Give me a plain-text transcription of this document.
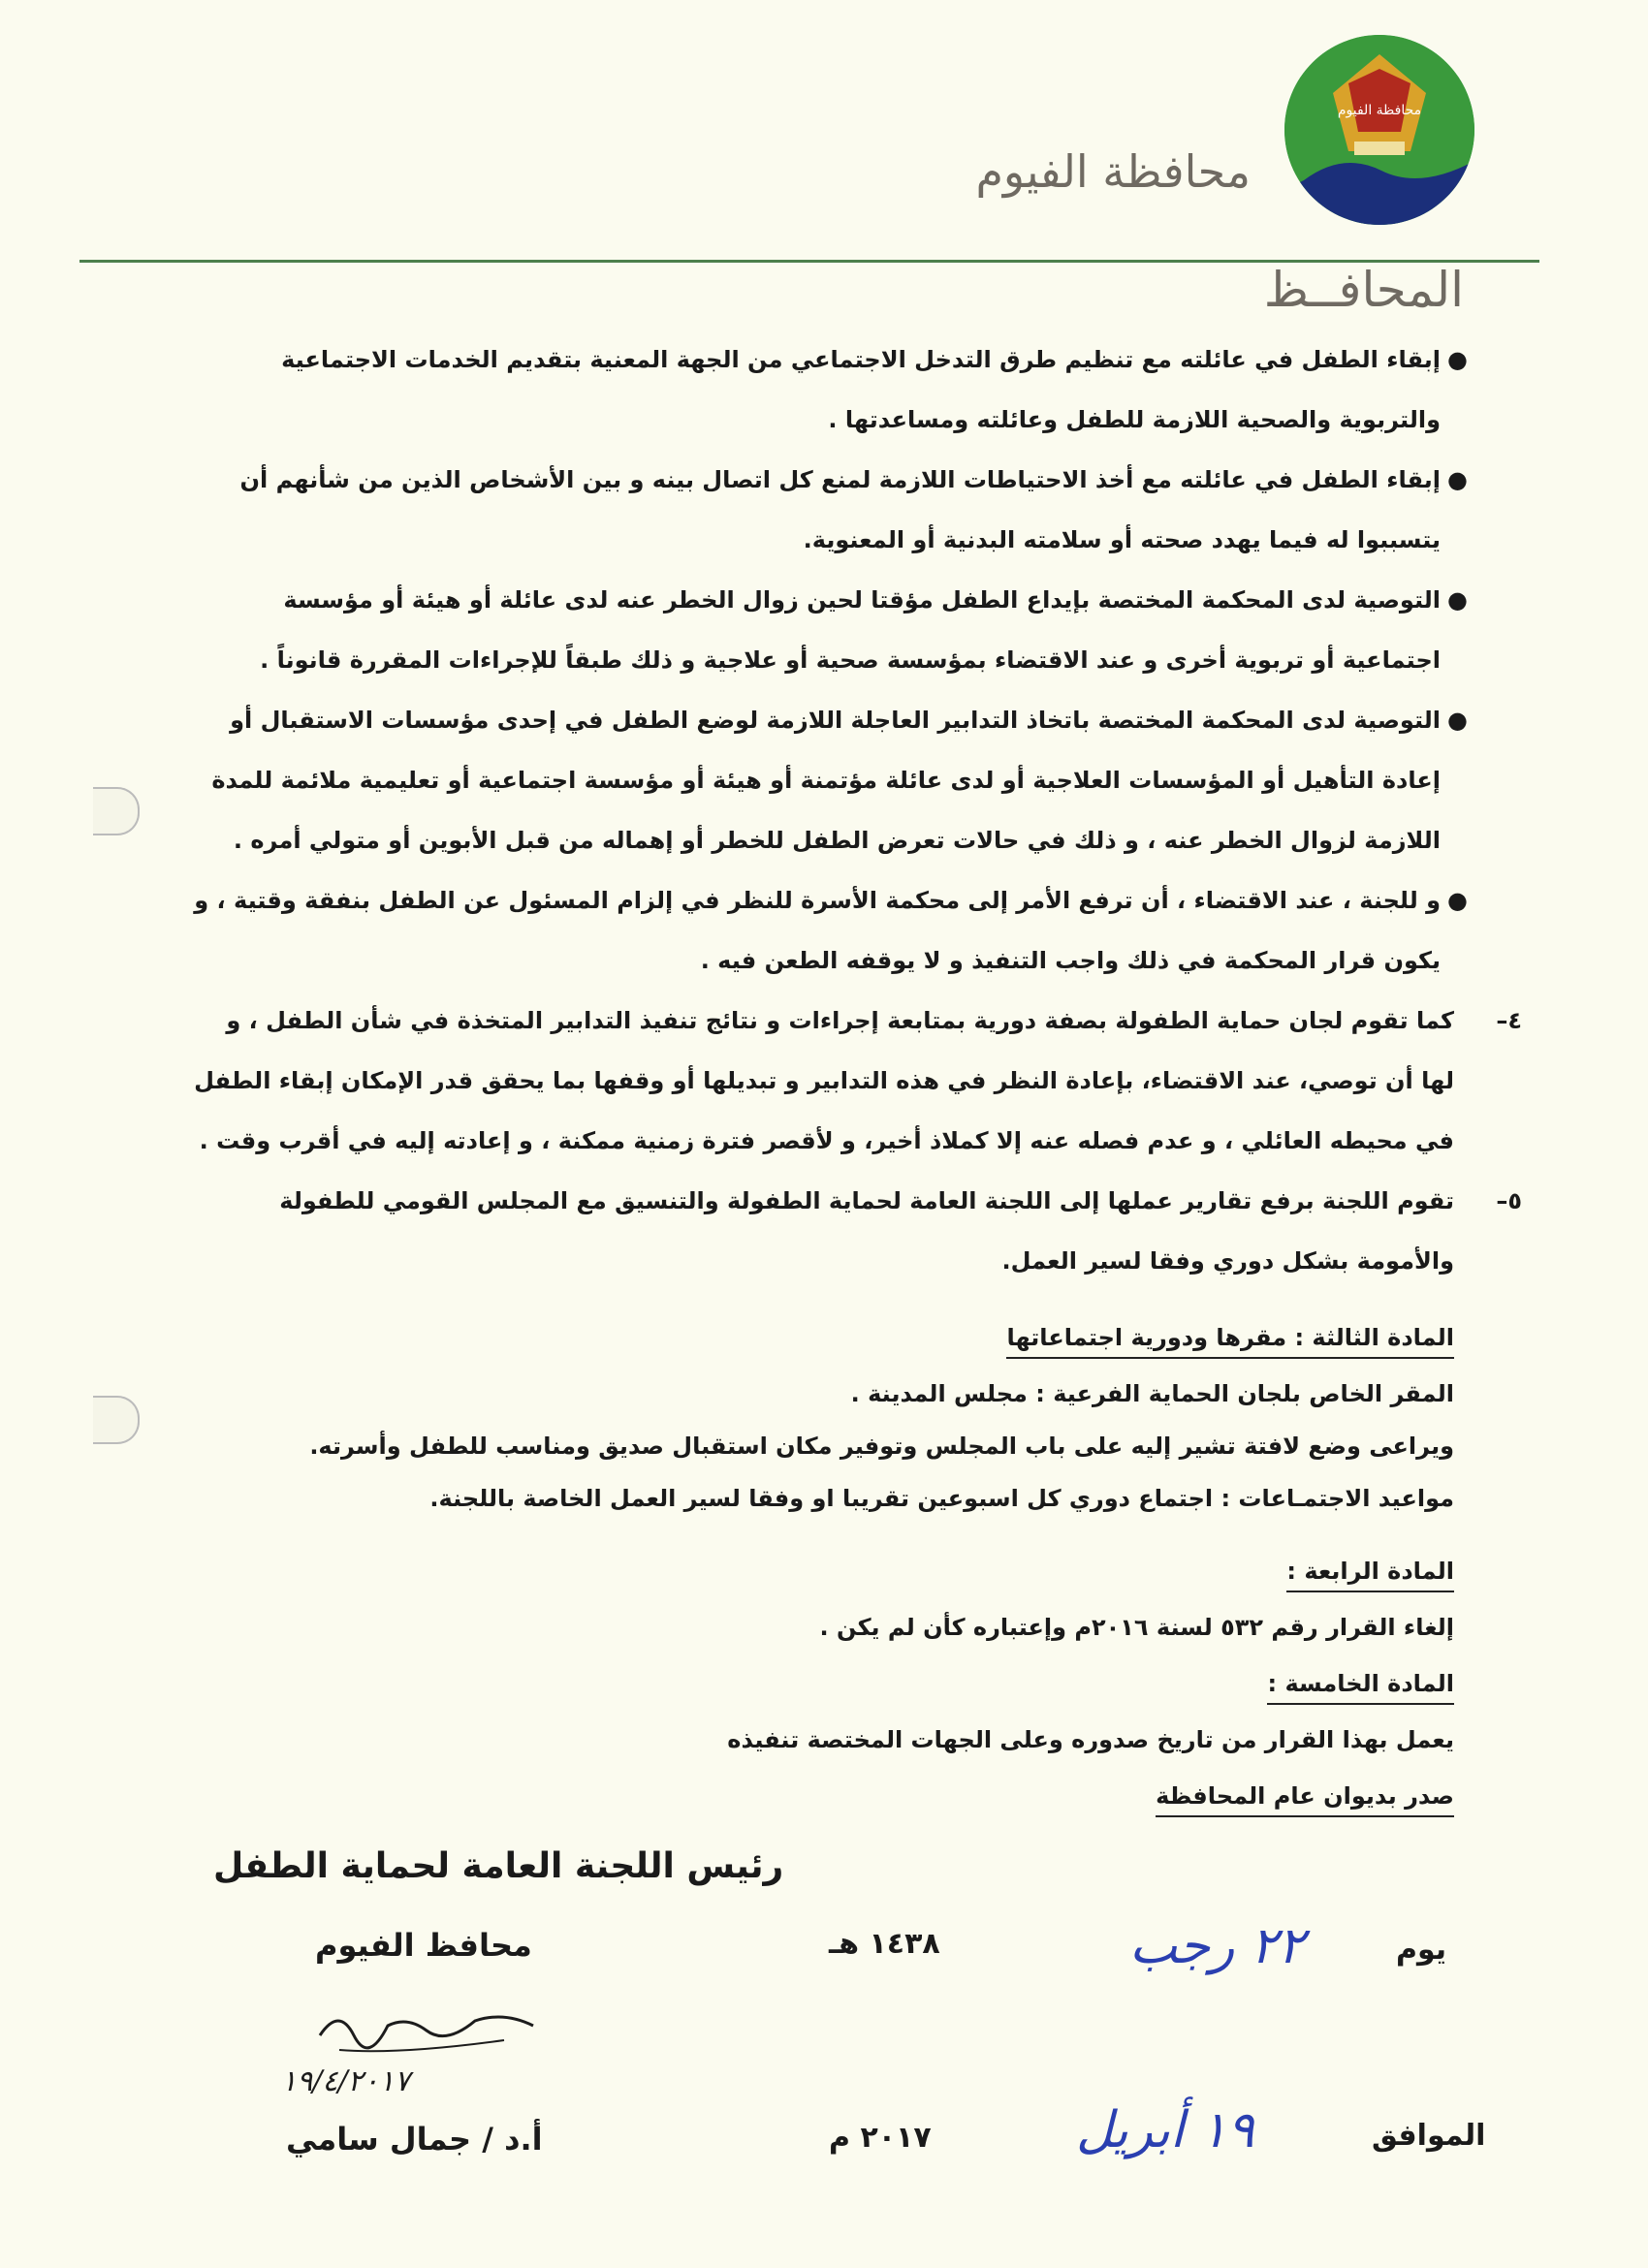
محافظة الفيوم
محافظة الفيوم
المحافــظ
●
إبقاء الطفل في عائلته مع تنظيم طرق التدخل الاجتماعي من الجهة المعنية بتقديم الخدمات الاجتماعية والتربوية والصحية اللازمة للطفل وعائلته ومساعدتها .
●
إبقاء الطفل في عائلته مع أخذ الاحتياطات اللازمة لمنع كل اتصال بينه و بين الأشخاص الذين من شأنهم أن يتسببوا له فيما يهدد صحته أو سلامته البدنية أو المعنوية.
●
التوصية لدى المحكمة المختصة بإيداع الطفل مؤقتا لحين زوال الخطر عنه لدى عائلة أو هيئة أو مؤسسة اجتماعية أو تربوية أخرى و عند الاقتضاء بمؤسسة صحية أو علاجية و ذلك طبقاً للإجراءات المقررة قانوناً .
●
التوصية لدى المحكمة المختصة باتخاذ التدابير العاجلة اللازمة لوضع الطفل في إحدى مؤسسات الاستقبال أو إعادة التأهيل أو المؤسسات العلاجية أو لدى عائلة مؤتمنة أو هيئة أو مؤسسة اجتماعية أو تعليمية ملائمة للمدة اللازمة لزوال الخطر عنه ، و ذلك في حالات تعرض الطفل للخطر أو إهماله من قبل الأبوين أو متولي أمره .
●
و للجنة ، عند الاقتضاء ، أن ترفع الأمر إلى محكمة الأسرة للنظر في إلزام المسئول عن الطفل بنفقة وقتية ، و يكون قرار المحكمة في ذلك واجب التنفيذ و لا يوقفه الطعن فيه .
٤–
كما تقوم لجان حماية الطفولة بصفة دورية بمتابعة إجراءات و نتائج تنفيذ التدابير المتخذة في شأن الطفل ، و لها أن توصي، عند الاقتضاء، بإعادة النظر في هذه التدابير و تبديلها أو وقفها بما يحقق قدر الإمكان إبقاء الطفل في محيطه العائلي ، و عدم فصله عنه إلا كملاذ أخير، و لأقصر فترة زمنية ممكنة ، و إعادته إليه في أقرب وقت .
٥–
تقوم اللجنة برفع تقارير عملها إلى اللجنة العامة لحماية الطفولة والتنسيق مع المجلس القومي للطفولة والأمومة بشكل دوري وفقا لسير العمل.
المادة الثالثة : مقرها ودورية اجتماعاتها
المقر الخاص بلجان الحماية الفرعية : مجلس المدينة .
ويراعى وضع لافتة تشير إليه على باب المجلس وتوفير مكان استقبال صديق ومناسب للطفل وأسرته.
مواعيد الاجتمـاعات : اجتماع دوري كل اسبوعين تقريبا او وفقا لسير العمل الخاصة باللجنة.
المادة الرابعة :
إلغاء القرار رقم ٥٣٢ لسنة ٢٠١٦م وإعتباره كأن لم يكن .
المادة الخامسة :
يعمل بهذا القرار من تاريخ صدوره وعلى الجهات المختصة تنفيذه
صدر بديوان عام المحافظة
رئيس اللجنة العامة لحماية الطفل
محافظ الفيوم
١٩/٤/٢٠١٧
أ.د / جمال سامي
١٤٣٨ هـ
٢٠١٧ م
يوم
٢٢ رجب
الموافق
١٩ أبريل
